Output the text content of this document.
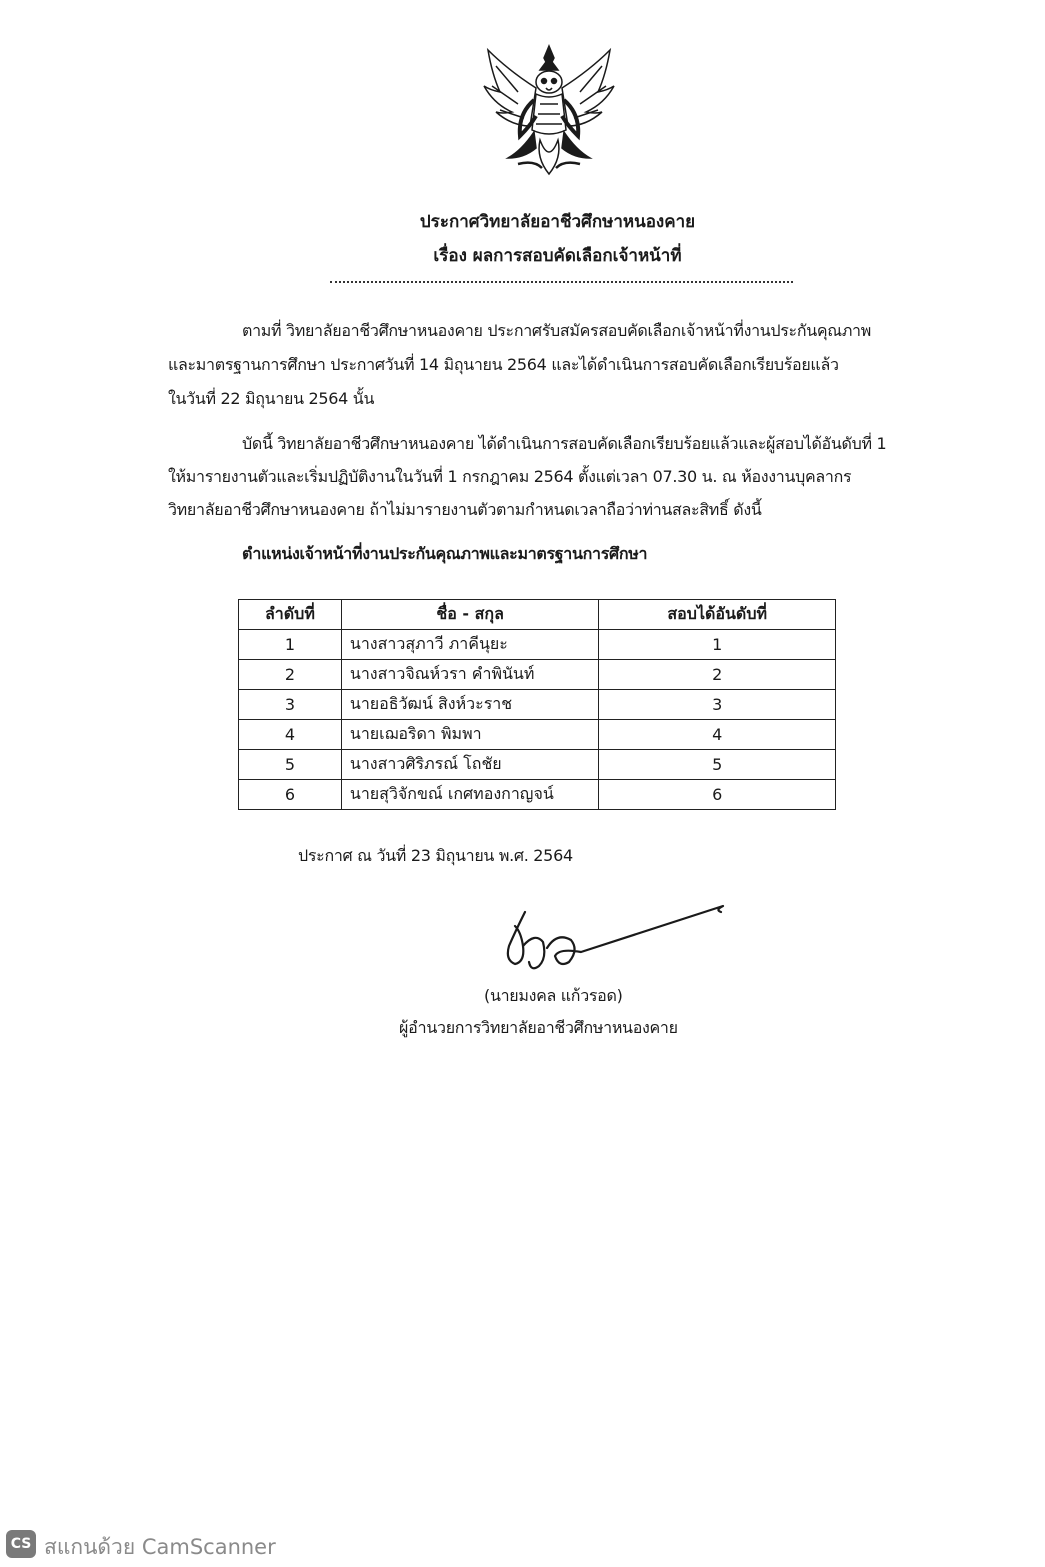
ประกาศวิทยาลัยอาชีวศึกษาหนองคาย
เรื่อง ผลการสอบคัดเลือกเจ้าหน้าที่
ตามที่ วิทยาลัยอาชีวศึกษาหนองคาย ประกาศรับสมัครสอบคัดเลือกเจ้าหน้าที่งานประกันคุณภาพ
และมาตรฐานการศึกษา ประกาศวันที่ 14 มิถุนายน 2564 และได้ดำเนินการสอบคัดเลือกเรียบร้อยแล้ว
ในวันที่ 22 มิถุนายน 2564 นั้น
บัดนี้ วิทยาลัยอาชีวศึกษาหนองคาย ได้ดำเนินการสอบคัดเลือกเรียบร้อยแล้วและผู้สอบได้อันดับที่ 1
ให้มารายงานตัวและเริ่มปฏิบัติงานในวันที่ 1 กรกฎาคม 2564 ตั้งแต่เวลา 07.30 น. ณ ห้องงานบุคลากร
วิทยาลัยอาชีวศึกษาหนองคาย ถ้าไม่มารายงานตัวตามกำหนดเวลาถือว่าท่านสละสิทธิ์ ดังนี้
ตำแหน่งเจ้าหน้าที่งานประกันคุณภาพและมาตรฐานการศึกษา
ลำดับที่	ชื่อ - สกุล	สอบได้อันดับที่
1	นางสาวสุภาวี ภาคีนุยะ	1
2	นางสาวจิณห์วรา คำพินันท์	2
3	นายอธิวัฒน์ สิงห์วะราช	3
4	นายเฌอริดา พิมพา	4
5	นางสาวศิริภรณ์ โถชัย	5
6	นายสุวิจักขณ์ เกศทองกาญจน์	6
ประกาศ ณ วันที่ 23 มิถุนายน พ.ศ. 2564
(นายมงคล แก้วรอด)
ผู้อำนวยการวิทยาลัยอาชีวศึกษาหนองคาย
CS สแกนด้วย CamScanner
